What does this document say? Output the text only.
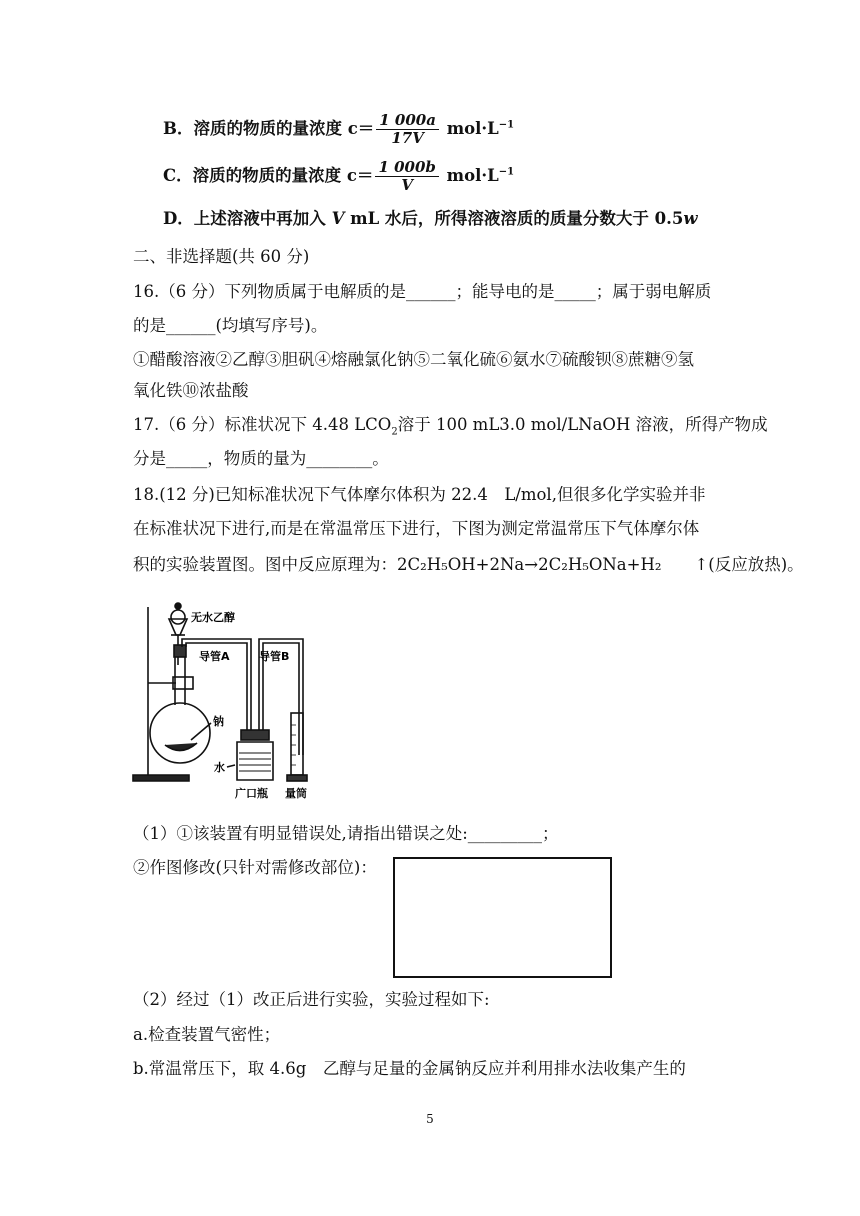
B．溶质的物质的量浓度 $c= \frac{1 000a}{17V} mol\cdot L^{-1}$
C．溶质的物质的量浓度 $c= \frac{1 000b}{V} mol\cdot L^{-1}$
D．上述溶液中再加入 V mL 水后，所得溶液溶质的质量分数大于 0.5w
二、非选择题(共 60 分)
16.（6 分）下列物质属于电解质的是______；能导电的是_____；属于弱电解质
的是______(均填写序号)。
①醋酸溶液②乙醇③胆矾④熔融氯化钠⑤二氧化硫⑥氨水⑦硫酸钡⑧蔗糖⑨氢
氧化铁⑩浓盐酸
17.（6 分）标准状况下 4.48 $LCO_2$溶于 100 mL3.0 mol/LNaOH 溶液，所得产物成
分是_____，物质的量为________。
18.(12 分)已知标准状况下气体摩尔体积为 22.4　L/mol,但很多化学实验并非
在标准状况下进行,而是在常温常压下进行，下图为测定常温常压下气体摩尔体
积的实验装置图。图中反应原理为：2C₂H₅OH+2Na→2C₂H₅ONa+H₂　　↑(反应放热)。
无水乙醇
导管A	导管B
钠
水
广口瓶 量筒
（1）①该装置有明显错误处,请指出错误之处:_________；
②作图修改(只针对需修改部位)：
（2）经过（1）改正后进行实验，实验过程如下:
a.检查装置气密性；
b.常温常压下，取 4.6g　乙醇与足量的金属钠反应并利用排水法收集产生的
5
